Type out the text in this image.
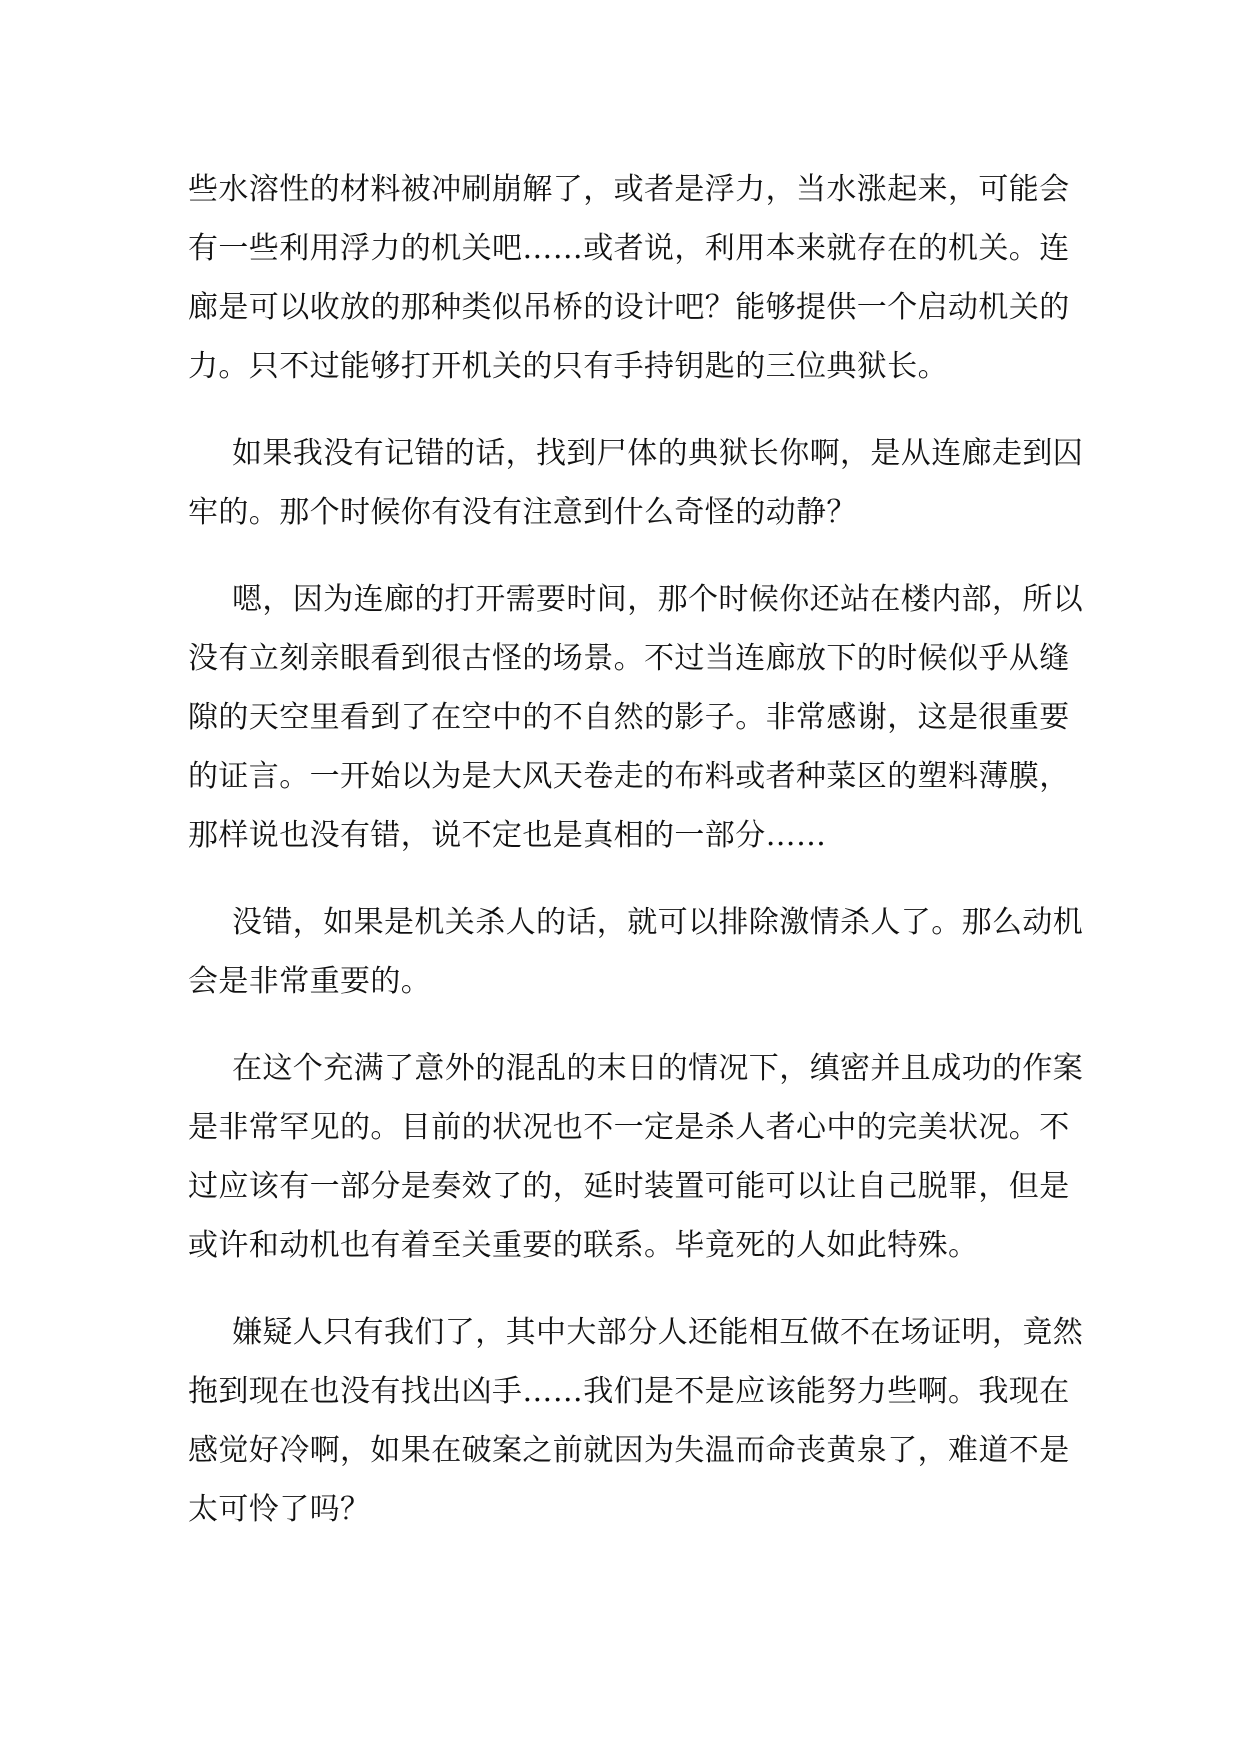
些水溶性的材料被冲刷崩解了，或者是浮力，当水涨起来，可能会
有一些利用浮力的机关吧……或者说，利用本来就存在的机关。连
廊是可以收放的那种类似吊桥的设计吧？能够提供一个启动机关的
力。只不过能够打开机关的只有手持钥匙的三位典狱长。
如果我没有记错的话，找到尸体的典狱长你啊，是从连廊走到囚
牢的。那个时候你有没有注意到什么奇怪的动静？
嗯，因为连廊的打开需要时间，那个时候你还站在楼内部，所以
没有立刻亲眼看到很古怪的场景。不过当连廊放下的时候似乎从缝
隙的天空里看到了在空中的不自然的影子。非常感谢，这是很重要
的证言。一开始以为是大风天卷走的布料或者种菜区的塑料薄膜，
那样说也没有错，说不定也是真相的一部分……
没错，如果是机关杀人的话，就可以排除激情杀人了。那么动机
会是非常重要的。
在这个充满了意外的混乱的末日的情况下，缜密并且成功的作案
是非常罕见的。目前的状况也不一定是杀人者心中的完美状况。不
过应该有一部分是奏效了的，延时装置可能可以让自己脱罪，但是
或许和动机也有着至关重要的联系。毕竟死的人如此特殊。
嫌疑人只有我们了，其中大部分人还能相互做不在场证明，竟然
拖到现在也没有找出凶手……我们是不是应该能努力些啊。我现在
感觉好冷啊，如果在破案之前就因为失温而命丧黄泉了，难道不是
太可怜了吗？
